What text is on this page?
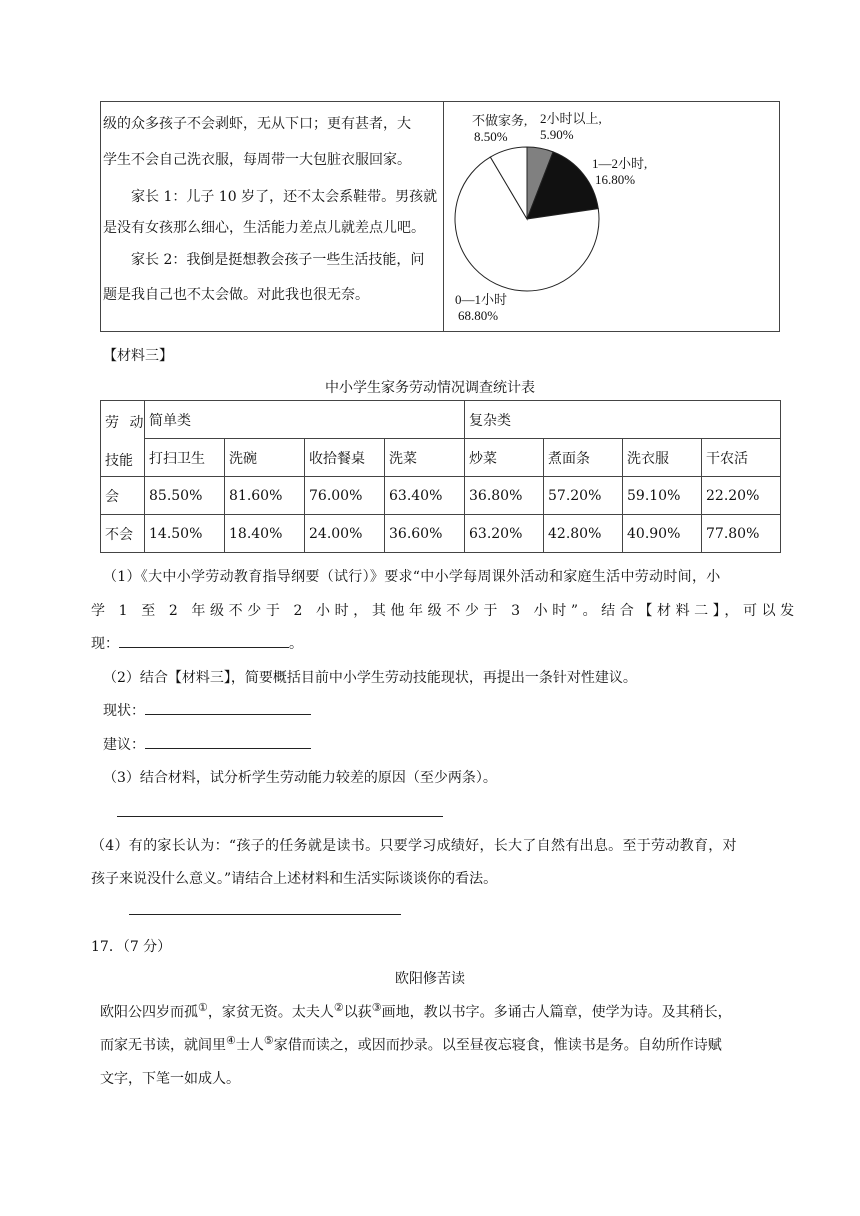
级的众多孩子不会剥虾，无从下口；更有甚者，大
学生不会自己洗衣服，每周带一大包脏衣服回家。
家长 1：儿子 10 岁了，还不太会系鞋带。男孩就
是没有女孩那么细心，生活能力差点儿就差点儿吧。
家长 2：我倒是挺想教会孩子一些生活技能，问
题是我自己也不太会做。对此我也很无奈。
不做家务,
8.50%
2小时以上,
5.90%
1—2小时,
16.80%
0—1小时
68.80%
【材料三】
中小学生家务劳动情况调查统计表
劳 动
技能	简单类				复杂类			
	打扫卫生	洗碗	收拾餐桌	洗菜	炒菜	煮面条	洗衣服	干农活
会	85.50%	81.60%	76.00%	63.40%	36.80%	57.20%	59.10%	22.20%
不会	14.50%	18.40%	24.00%	36.60%	63.20%	42.80%	40.90%	77.80%
（1）《大中小学劳动教育指导纲要（试行）》要求“中小学每周课外活动和家庭生活中劳动时间，小
学 1 至 2 年级不少于 2 小时，其他年级不少于 3 小时”。结合【材料二】，可以发
现：	。
（2）结合【材料三】，简要概括目前中小学生劳动技能现状，再提出一条针对性建议。
现状：
建议：
（3）结合材料，试分析学生劳动能力较差的原因（至少两条）。
（4）有的家长认为：“孩子的任务就是读书。只要学习成绩好，长大了自然有出息。至于劳动教育，对
孩子来说没什么意义。”请结合上述材料和生活实际谈谈你的看法。
17．（7 分）
欧阳修苦读
欧阳公四岁而孤①，家贫无资。太夫人②以荻③画地，教以书字。多诵古人篇章，使学为诗。及其稍长，
而家无书读，就闾里④士人⑤家借而读之，或因而抄录。以至昼夜忘寝食，惟读书是务。自幼所作诗赋
文字，下笔一如成人。
